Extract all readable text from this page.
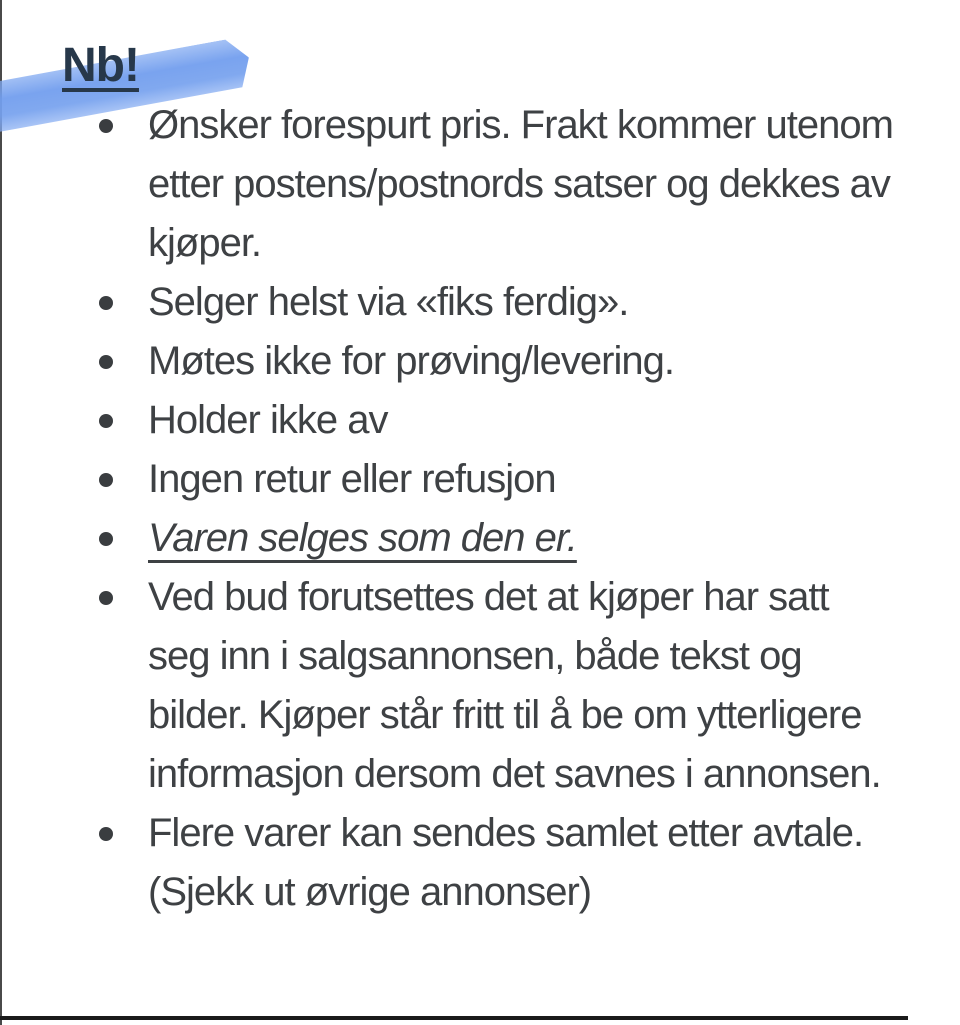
Nb!
Ønsker forespurt pris. Frakt kommer utenom etter postens/postnords satser og dekkes av kjøper.
Selger helst via «fiks ferdig».
Møtes ikke for prøving/levering.
Holder ikke av
Ingen retur eller refusjon
Varen selges som den er.
Ved bud forutsettes det at kjøper har satt seg inn i salgsannonsen, både tekst og bilder. Kjøper står fritt til å be om ytterligere informasjon dersom det savnes i annonsen.
Flere varer kan sendes samlet etter avtale. (Sjekk ut øvrige annonser)
